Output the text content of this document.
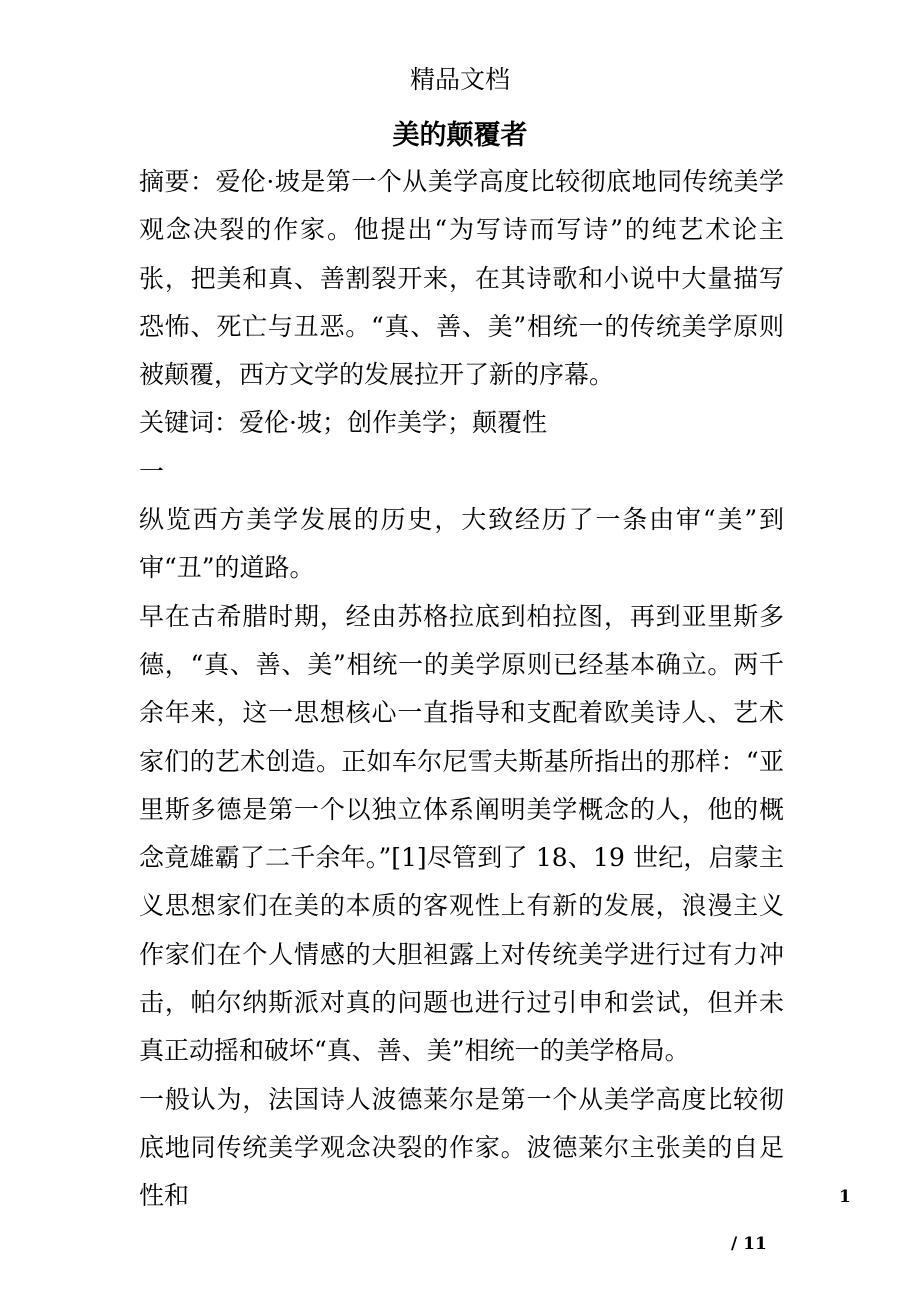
精品文档
美的颠覆者

摘要：爱伦·坡是第一个从美学高度比较彻底地同传统美学观念决裂的作家。他提出“为写诗而写诗”的纯艺术论主张，把美和真、善割裂开来，在其诗歌和小说中大量描写恐怖、死亡与丑恶。“真、善、美”相统一的传统美学原则被颠覆，西方文学的发展拉开了新的序幕。

关键词：爱伦·坡；创作美学；颠覆性

一

纵览西方美学发展的历史，大致经历了一条由审“美”到审“丑”的道路。

早在古希腊时期，经由苏格拉底到柏拉图，再到亚里斯多德，“真、善、美”相统一的美学原则已经基本确立。两千余年来，这一思想核心一直指导和支配着欧美诗人、艺术家们的艺术创造。正如车尔尼雪夫斯基所指出的那样：“亚里斯多德是第一个以独立体系阐明美学概念的人，他的概念竟雄霸了二千余年。”[1]尽管到了 18、19 世纪，启蒙主义思想家们在美的本质的客观性上有新的发展，浪漫主义作家们在个人情感的大胆袒露上对传统美学进行过有力冲击，帕尔纳斯派对真的问题也进行过引申和尝试，但并未真正动摇和破坏“真、善、美”相统一的美学格局。

一般认为，法国诗人波德莱尔是第一个从美学高度比较彻底地同传统美学观念决裂的作家。波德莱尔主张美的自足性和	1
/ 11
